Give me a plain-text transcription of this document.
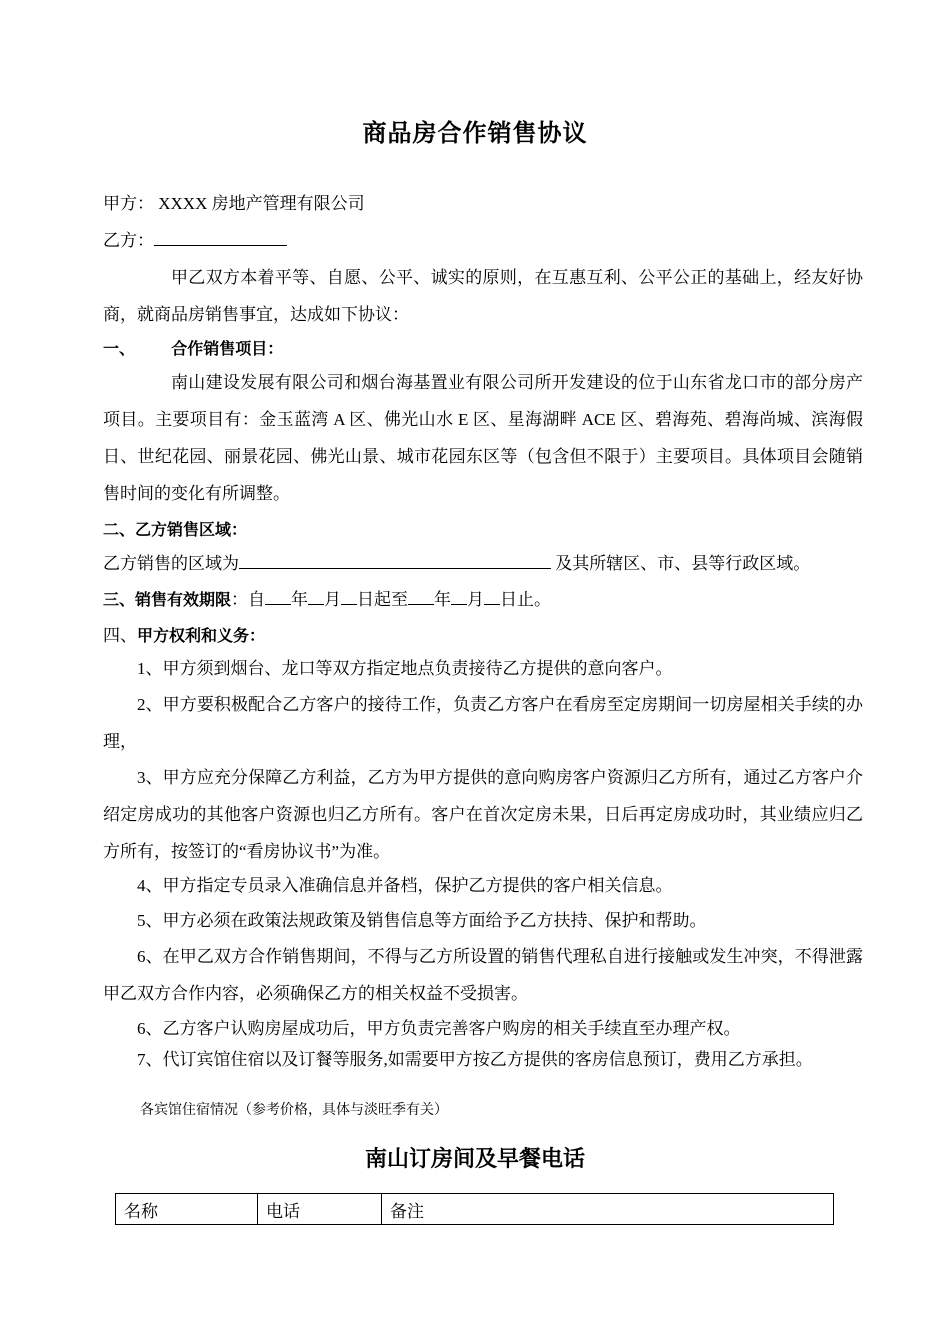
商品房合作销售协议
甲方： XXXX 房地产管理有限公司
乙方：
甲乙双方本着平等、自愿、公平、诚实的原则，在互惠互利、公平公正的基础上，经友好协商，就商品房销售事宜，达成如下协议：
一、 合作销售项目：
南山建设发展有限公司和烟台海基置业有限公司所开发建设的位于山东省龙口市的部分房产项目。主要项目有：金玉蓝湾 A 区、佛光山水 E 区、星海湖畔 ACE 区、碧海苑、碧海尚城、滨海假日、世纪花园、丽景花园、佛光山景、城市花园东区等（包含但不限于）主要项目。具体项目会随销售时间的变化有所调整。
二、乙方销售区域：
乙方销售的区域为	及其所辖区、市、县等行政区域。
三、销售有效期限：自 年 月 日起至 年 月 日止。
四、甲方权利和义务：
1、甲方须到烟台、龙口等双方指定地点负责接待乙方提供的意向客户。
2、甲方要积极配合乙方客户的接待工作，负责乙方客户在看房至定房期间一切房屋相关手续的办理，
3、甲方应充分保障乙方利益，乙方为甲方提供的意向购房客户资源归乙方所有，通过乙方客户介绍定房成功的其他客户资源也归乙方所有。客户在首次定房未果，日后再定房成功时，其业绩应归乙方所有，按签订的“看房协议书”为准。
4、甲方指定专员录入准确信息并备档，保护乙方提供的客户相关信息。
5、甲方必须在政策法规政策及销售信息等方面给予乙方扶持、保护和帮助。
6、在甲乙双方合作销售期间，不得与乙方所设置的销售代理私自进行接触或发生冲突，不得泄露甲乙双方合作内容，必须确保乙方的相关权益不受损害。
6、乙方客户认购房屋成功后，甲方负责完善客户购房的相关手续直至办理产权。
7、代订宾馆住宿以及订餐等服务,如需要甲方按乙方提供的客房信息预订，费用乙方承担。
各宾馆住宿情况（参考价格，具体与淡旺季有关）
南山订房间及早餐电话
名称	电话	备注
